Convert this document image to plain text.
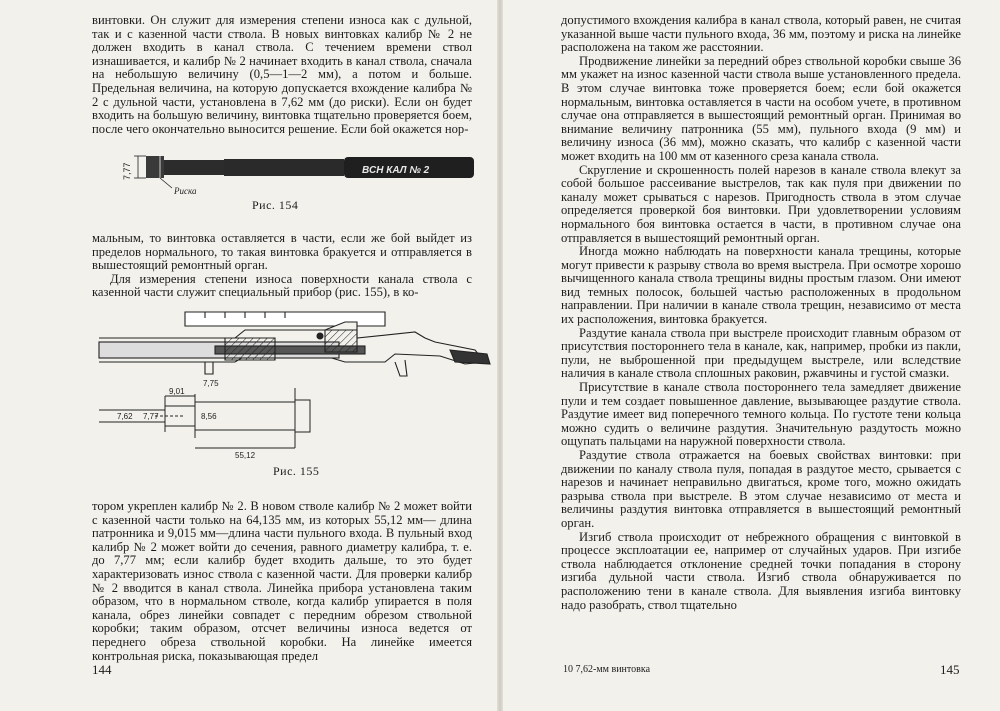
винтовки. Он служит для измерения степени износа как с дульной, так и с казенной части ствола. В новых винтовках калибр № 2 не должен входить в канал ствола. С течением времени ствол изнашивается, и калибр № 2 начинает входить в канал ствола, сначала на небольшую величину (0,5—1—2 мм), а потом и больше. Предельная величина, на которую допускается вхождение калибра № 2 с дульной части, установлена в 7,62 мм (до риски). Если он будет входить на большую величину, винтовка тщательно проверяется боем, после чего окончательно выносится решение. Если бой окажется нор-

7,77
Риска
ВСН КАЛ № 2
Рис. 154

мальным, то винтовка оставляется в части, если же бой выйдет из пределов нормального, то такая винтовка бракуется и отправляется в вышестоящий ремонтный орган.

Для измерения степени износа поверхности канала ствола с казенной части служит специальный прибор (рис. 155), в ко-

9,01
7,75
7,62 7,77	8,56
55,12
Рис. 155

тором укреплен калибр № 2. В новом стволе калибр № 2 может войти с казенной части только на 64,135 мм, из которых 55,12 мм— длина патронника и 9,015 мм—длина части пульного входа. В пульный вход калибр № 2 может войти до сечения, равного диаметру калибра, т. е. до 7,77 мм; если калибр будет входить дальше, то это будет характеризовать износ ствола с казенной части. Для проверки калибр № 2 вводится в канал ствола. Линейка прибора установлена таким образом, что в нормальном стволе, когда калибр упирается в поля канала, обрез линейки совпадет с передним обрезом ствольной коробки; таким образом, отсчет величины износа ведется от переднего обреза ствольной коробки. На линейке имеется контрольная риска, показывающая предел

144

допустимого вхождения калибра в канал ствола, который равен, не считая указанной выше части пульного входа, 36 мм, поэтому и риска на линейке расположена на таком же расстоянии.

Продвижение линейки за передний обрез ствольной коробки свыше 36 мм укажет на износ казенной части ствола выше установленного предела. В этом случае винтовка тоже проверяется боем; если бой окажется нормальным, винтовка оставляется в части на особом учете, в противном случае она отправляется в вышестоящий ремонтный орган. Принимая во внимание величину патронника (55 мм), пульного входа (9 мм) и величину износа (36 мм), можно сказать, что калибр с казенной части может входить на 100 мм от казенного среза канала ствола.

Скругление и скрошенность полей нарезов в канале ствола влекут за собой большое рассеивание выстрелов, так как пуля при движении по каналу может срываться с нарезов. Пригодность ствола в этом случае определяется проверкой боя винтовки. При удовлетворении условиям нормального боя винтовка остается в части, в противном случае она отправляется в вышестоящий ремонтный орган.

Иногда можно наблюдать на поверхности канала трещины, которые могут привести к разрыву ствола во время выстрела. При осмотре хорошо вычищенного канала ствола трещины видны простым глазом. Они имеют вид темных полосок, большей частью расположенных в продольном направлении. При наличии в канале ствола трещин, независимо от места их расположения, винтовка бракуется.

Раздутие канала ствола при выстреле происходит главным образом от присутствия постороннего тела в канале, как, например, пробки из пакли, пули, не выброшенной при предыдущем выстреле, или вследствие наличия в канале ствола сплошных раковин, ржавчины и густой смазки.

Присутствие в канале ствола постороннего тела замедляет движение пули и тем создает повышенное давление, вызывающее раздутие ствола. Раздутие имеет вид поперечного темного кольца. По густоте тени кольца можно судить о величине раздутия. Значительную раздутость можно ощупать пальцами на наружной поверхности ствола.

Раздутие ствола отражается на боевых свойствах винтовки: при движении по каналу ствола пуля, попадая в раздутое место, срывается с нарезов и начинает неправильно двигаться, кроме того, можно ожидать разрыва ствола при выстреле. В этом случае независимо от места и величины раздутия винтовка отправляется в вышестоящий ремонтный орган.

Изгиб ствола происходит от небрежного обращения с винтовкой в процессе эксплоатации ее, например от случайных ударов. При изгибе ствола наблюдается отклонение средней точки попадания в сторону изгиба дульной части ствола. Изгиб ствола обнаруживается по расположению тени в канале ствола. Для выявления изгиба винтовку надо разобрать, ствол тщательно

10 7,62-мм винтовка	145
